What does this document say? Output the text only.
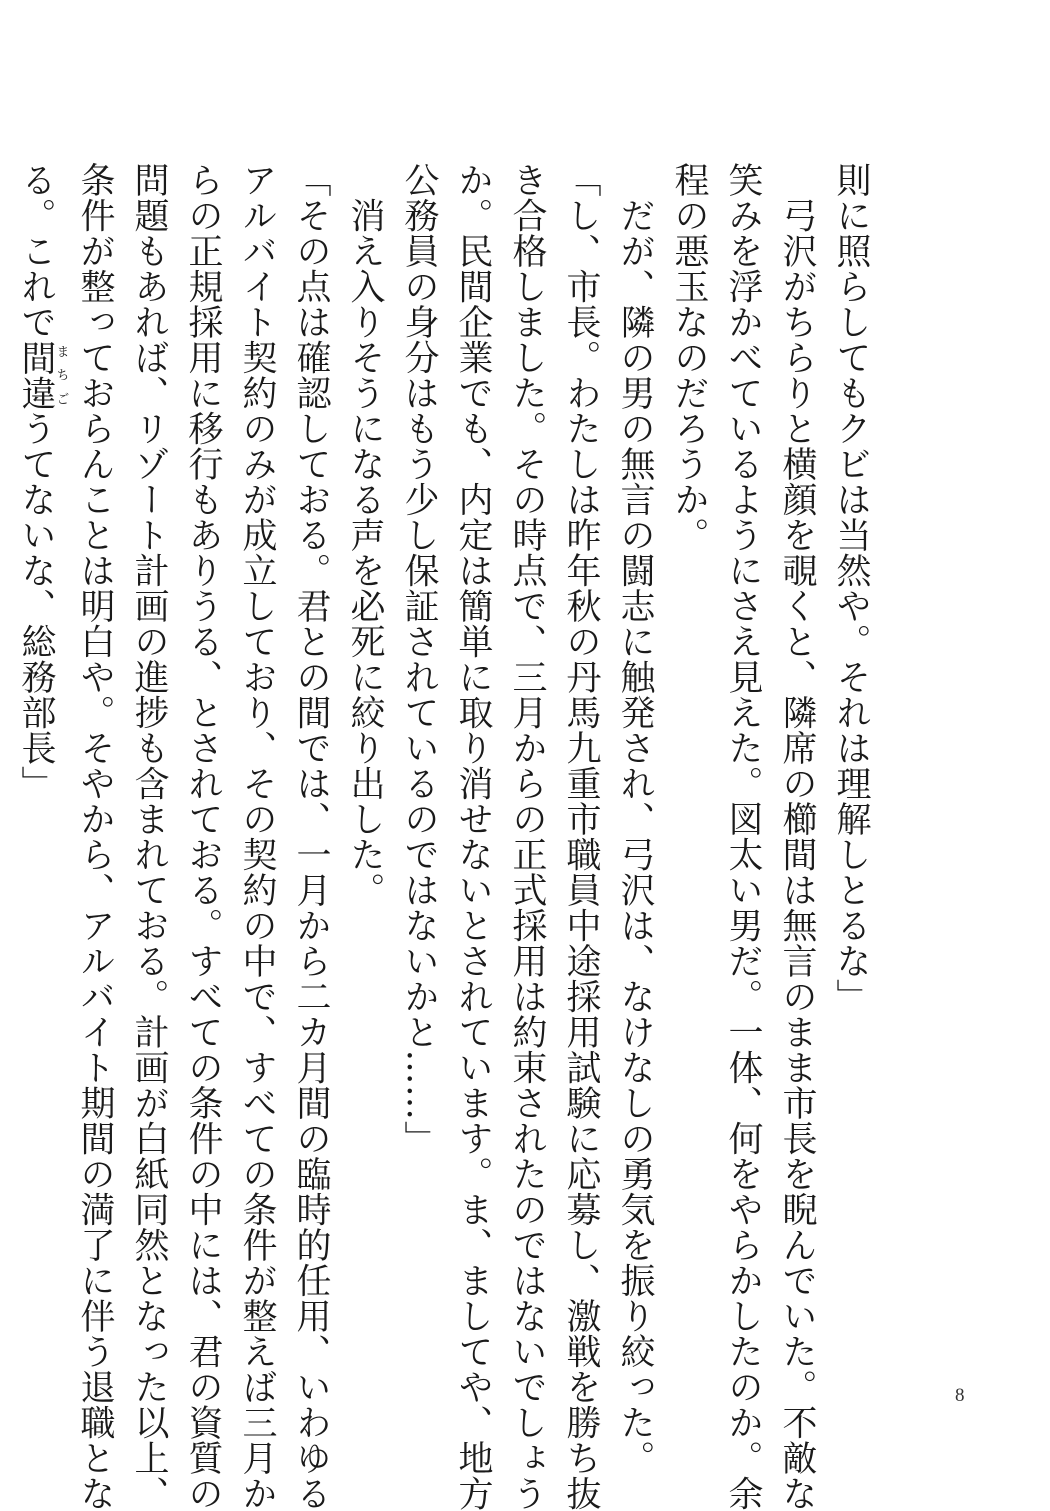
則に照らしてもクビは当然や。それは理解しとるな」
　弓沢がちらりと横顔を覗くと、隣席の櫛間は無言のまま市長を睨んでいた。不敵な
笑みを浮かべているようにさえ見えた。図太い男だ。一体、何をやらかしたのか。余
程の悪玉なのだろうか。
　だが、隣の男の無言の闘志に触発され、弓沢は、なけなしの勇気を振り絞った。
「し、市長。わたしは昨年秋の丹馬九重市職員中途採用試験に応募し、激戦を勝ち抜
き合格しました。その時点で、三月からの正式採用は約束されたのではないでしょう
か。民間企業でも、内定は簡単に取り消せないとされています。ま、ましてや、地方
公務員の身分はもう少し保証されているのではないかと……」
　消え入りそうになる声を必死に絞り出した。
「その点は確認しておる。君との間では、一月から二カ月間の臨時的任用、いわゆる
アルバイト契約のみが成立しており、その契約の中で、すべての条件が整えば三月か
らの正規採用に移行もありうる、とされておる。すべての条件の中には、君の資質の
問題もあれば、リゾート計画の進捗も含まれておる。計画が白紙同然となった以上、
条件が整っておらんことは明白や。そやから、アルバイト期間の満了に伴う退職とな
る。これで間違まちごうてないな、総務部長」
8
